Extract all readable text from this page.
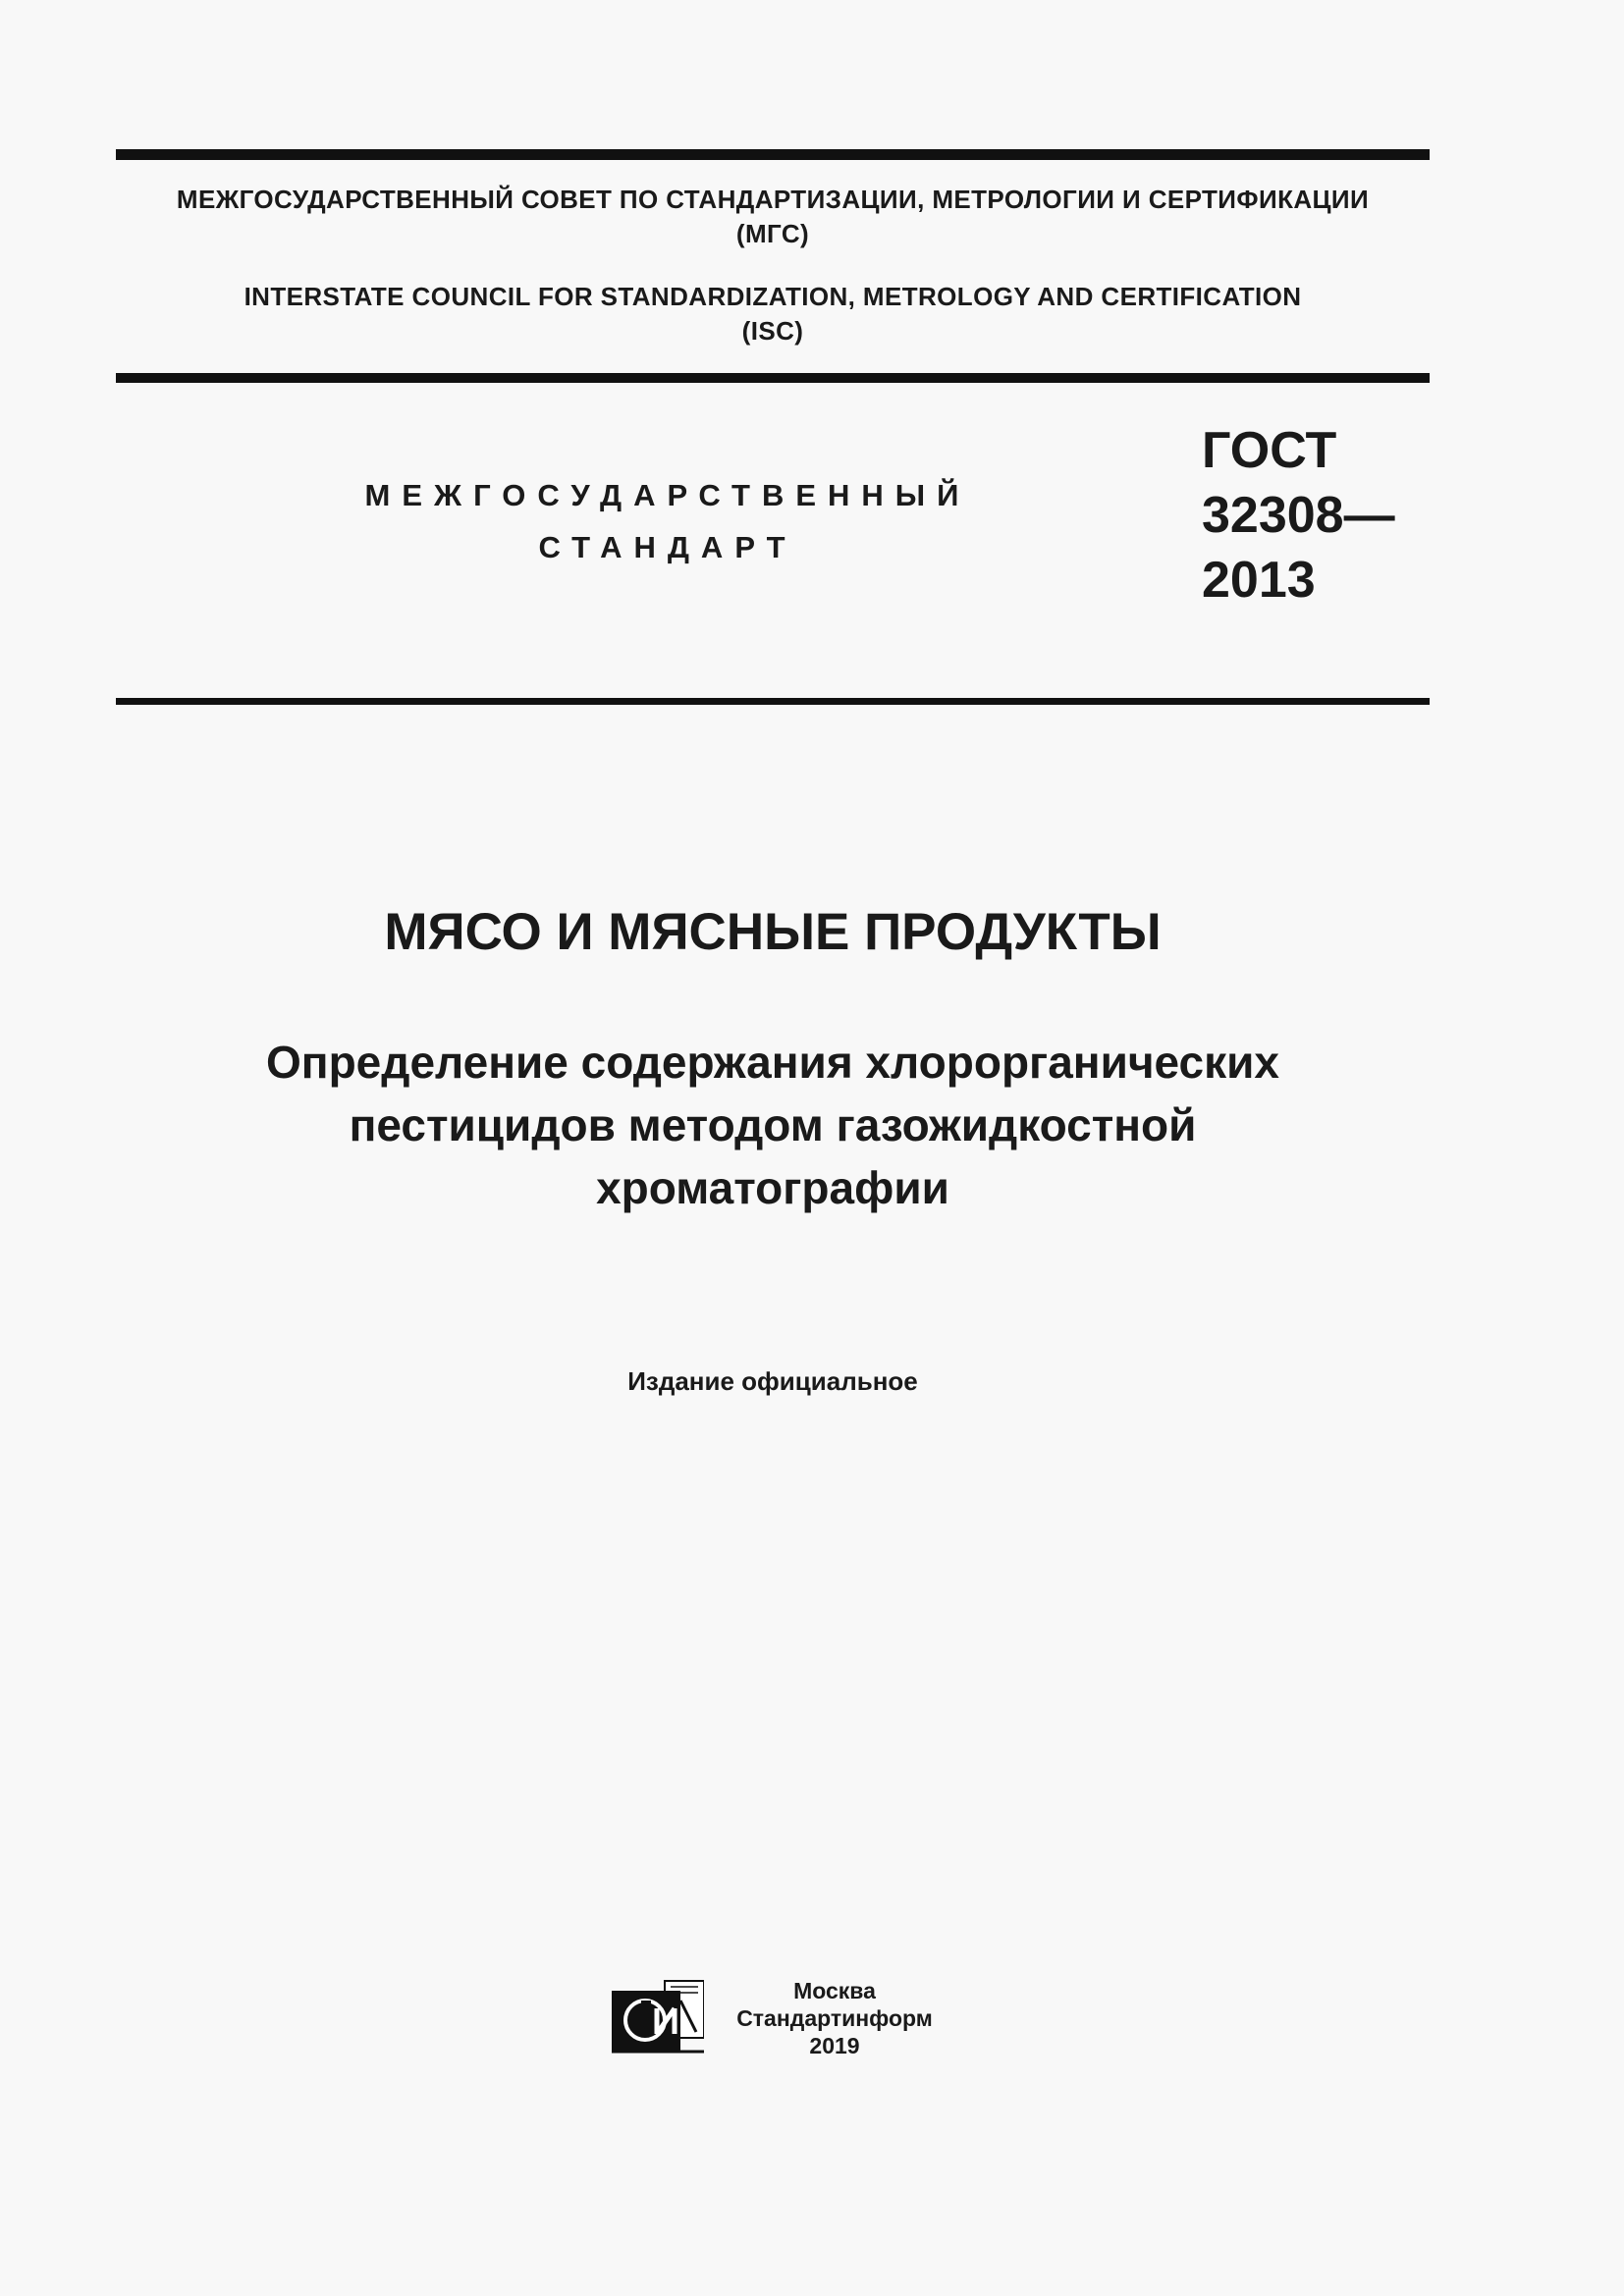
МЕЖГОСУДАРСТВЕННЫЙ СОВЕТ ПО СТАНДАРТИЗАЦИИ, МЕТРОЛОГИИ И СЕРТИФИКАЦИИ
(МГС)
INTERSTATE COUNCIL FOR STANDARDIZATION, METROLOGY AND CERTIFICATION
(ISC)
МЕЖГОСУДАРСТВЕННЫЙ
СТАНДАРТ
ГОСТ
32308—
2013
МЯСО И МЯСНЫЕ ПРОДУКТЫ
Определение содержания хлорорганических
пестицидов методом газожидкостной
хроматографии
Издание официальное
Москва
Стандартинформ
2019
